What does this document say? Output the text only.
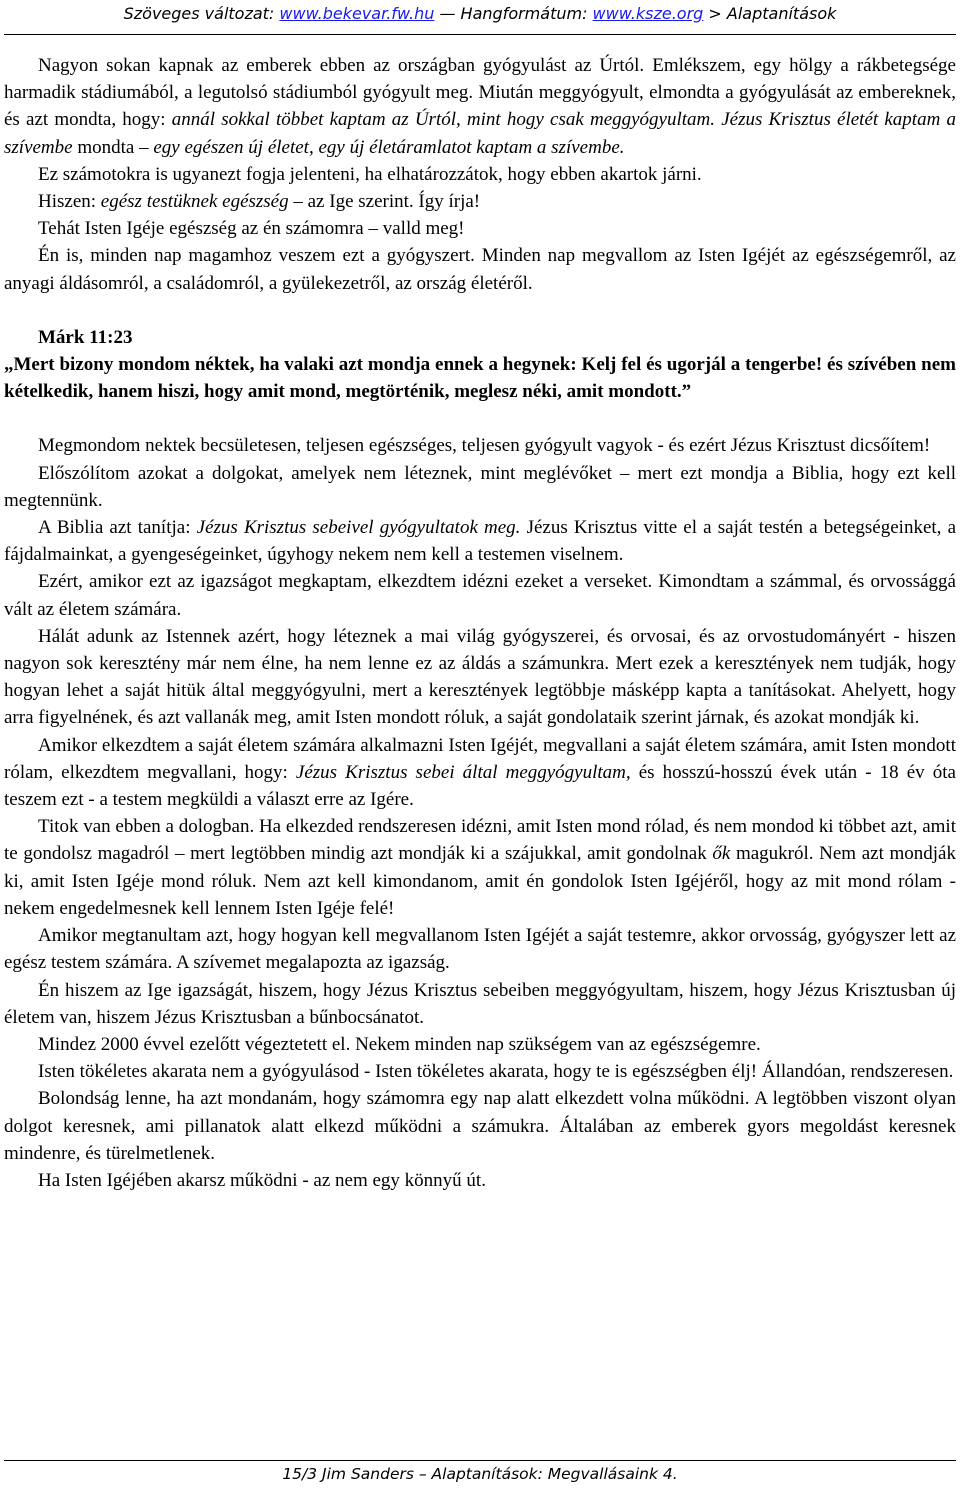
Szöveges változat: www.bekevar.fw.hu — Hangformátum: www.ksze.org > Alaptanítások

Nagyon sokan kapnak az emberek ebben az országban gyógyulást az Úrtól. Emlékszem, egy hölgy a rákbetegsége harmadik stádiumából, a legutolsó stádiumból gyógyult meg. Miután meggyógyult, elmondta a gyógyulását az embereknek, és azt mondta, hogy: annál sokkal többet kaptam az Úrtól, mint hogy csak meggyógyultam. Jézus Krisztus életét kaptam a szívembe mondta – egy egészen új életet, egy új életáramlatot kaptam a szívembe.

Ez számotokra is ugyanezt fogja jelenteni, ha elhatározzátok, hogy ebben akartok járni.

Hiszen: egész testüknek egészség – az Ige szerint. Így írja!

Tehát Isten Igéje egészség az én számomra – valld meg!

Én is, minden nap magamhoz veszem ezt a gyógyszert. Minden nap megvallom az Isten Igéjét az egészségemről, az anyagi áldásomról, a családomról, a gyülekezetről, az ország életéről.

Márk 11:23

„Mert bizony mondom néktek, ha valaki azt mondja ennek a hegynek: Kelj fel és ugorjál a tengerbe! és szívében nem kételkedik, hanem hiszi, hogy amit mond, megtörténik, meglesz néki, amit mondott.”

Megmondom nektek becsületesen, teljesen egészséges, teljesen gyógyult vagyok - és ezért Jézus Krisztust dicsőítem!

Előszólítom azokat a dolgokat, amelyek nem léteznek, mint meglévőket – mert ezt mondja a Biblia, hogy ezt kell megtennünk.

A Biblia azt tanítja: Jézus Krisztus sebeivel gyógyultatok meg. Jézus Krisztus vitte el a saját testén a betegségeinket, a fájdalmainkat, a gyengeségeinket, úgyhogy nekem nem kell a testemen viselnem.

Ezért, amikor ezt az igazságot megkaptam, elkezdtem idézni ezeket a verseket. Kimondtam a számmal, és orvossággá vált az életem számára.

Hálát adunk az Istennek azért, hogy léteznek a mai világ gyógyszerei, és orvosai, és az orvostudományért - hiszen nagyon sok keresztény már nem élne, ha nem lenne ez az áldás a számunkra. Mert ezek a keresztények nem tudják, hogy hogyan lehet a saját hitük által meggyógyulni, mert a keresztények legtöbbje másképp kapta a tanításokat. Ahelyett, hogy arra figyelnének, és azt vallanák meg, amit Isten mondott róluk, a saját gondolataik szerint járnak, és azokat mondják ki.

Amikor elkezdtem a saját életem számára alkalmazni Isten Igéjét, megvallani a saját életem számára, amit Isten mondott rólam, elkezdtem megvallani, hogy: Jézus Krisztus sebei által meggyógyultam, és hosszú-hosszú évek után - 18 év óta teszem ezt - a testem megküldi a választ erre az Igére.

Titok van ebben a dologban. Ha elkezded rendszeresen idézni, amit Isten mond rólad, és nem mondod ki többet azt, amit te gondolsz magadról – mert legtöbben mindig azt mondják ki a szájukkal, amit gondolnak ők magukról. Nem azt mondják ki, amit Isten Igéje mond róluk. Nem azt kell kimondanom, amit én gondolok Isten Igéjéről, hogy az mit mond rólam - nekem engedelmesnek kell lennem Isten Igéje felé!

Amikor megtanultam azt, hogy hogyan kell megvallanom Isten Igéjét a saját testemre, akkor orvosság, gyógyszer lett az egész testem számára. A szívemet megalapozta az igazság.

Én hiszem az Ige igazságát, hiszem, hogy Jézus Krisztus sebeiben meggyógyultam, hiszem, hogy Jézus Krisztusban új életem van, hiszem Jézus Krisztusban a bűnbocsánatot.

Mindez 2000 évvel ezelőtt végeztetett el. Nekem minden nap szükségem van az egészségemre.

Isten tökéletes akarata nem a gyógyulásod - Isten tökéletes akarata, hogy te is egészségben élj! Állandóan, rendszeresen.

Bolondság lenne, ha azt mondanám, hogy számomra egy nap alatt elkezdett volna működni. A legtöbben viszont olyan dolgot keresnek, ami pillanatok alatt elkezd működni a számukra. Általában az emberek gyors megoldást keresnek mindenre, és türelmetlenek.

Ha Isten Igéjében akarsz működni - az nem egy könnyű út.

15/3 Jim Sanders – Alaptanítások: Megvallásaink 4.
